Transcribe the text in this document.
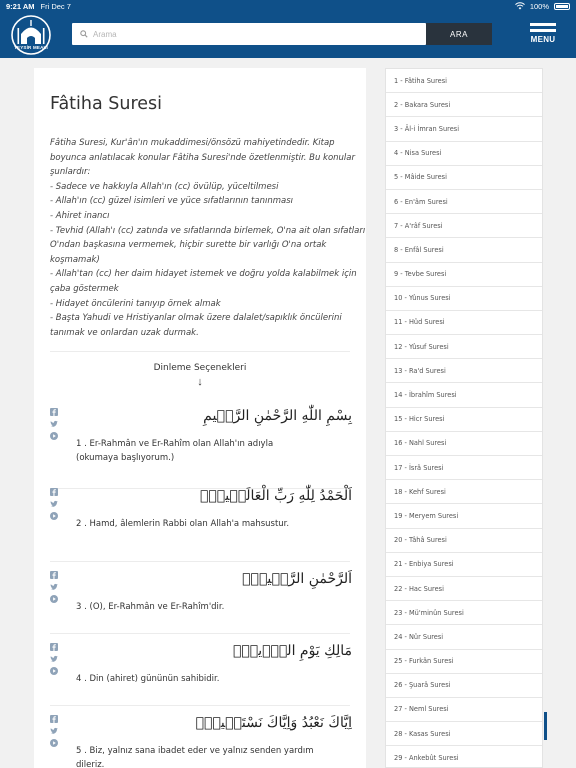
9:21 AM Fri Dec 7	100%
TEYSİR MEALİ
Arama
ARA
MENU
Fâtiha Suresi
Fâtiha Suresi, Kur'ân'ın mukaddimesi/önsözü mahiyetindedir. Kitap
boyunca anlatılacak konular Fâtiha Suresi'nde özetlenmiştir. Bu konular
şunlardır:
- Sadece ve hakkıyla Allah'ın (cc) övülüp, yüceltilmesi
- Allah'ın (cc) güzel isimleri ve yüce sıfatlarının tanınması
- Ahiret inancı
- Tevhid (Allah'ı (cc) zatında ve sıfatlarında birlemek, O'na ait olan sıfatları
O'ndan başkasına vermemek, hiçbir surette bir varlığı O'na ortak
koşmamak)
- Allah'tan (cc) her daim hidayet istemek ve doğru yolda kalabilmek için
çaba göstermek
- Hidayet öncülerini tanıyıp örnek almak
- Başta Yahudi ve Hristiyanlar olmak üzere dalalet/sapıklık öncülerini
tanımak ve onlardan uzak durmak.
Dinleme Seçenekleri
↓
بِسْمِ اللّٰهِ الرَّحْمٰنِ الرَّح۪يمِ
1 . Er-Rahmân ve Er-Rahîm olan Allah'ın adıyla (okumaya başlıyorum.)
اَلْحَمْدُ لِلّٰهِ رَبِّ الْعَالَم۪ينَۙ
2 . Hamd, âlemlerin Rabbi olan Allah'a mahsustur.
اَلرَّحْمٰنِ الرَّح۪يمِۙ
3 . (O), Er-Rahmân ve Er-Rahîm'dir.
مَالِكِ يَوْمِ الدّ۪ينِۜ
4 . Din (ahiret) gününün sahibidir.
اِيَّاكَ نَعْبُدُ وَاِيَّاكَ نَسْتَع۪ينُۜ
5 . Biz, yalnız sana ibadet eder ve yalnız senden yardım dileriz.
1 - Fâtiha Suresi
2 - Bakara Suresi
3 - Âl-i İmran Suresi
4 - Nisa Suresi
5 - Mâide Suresi
6 - En'âm Suresi
7 - A'râf Suresi
8 - Enfâl Suresi
9 - Tevbe Suresi
10 - Yûnus Suresi
11 - Hûd Suresi
12 - Yûsuf Suresi
13 - Ra'd Suresi
14 - İbrahîm Suresi
15 - Hicr Suresi
16 - Nahl Suresi
17 - İsrâ Suresi
18 - Kehf Suresi
19 - Meryem Suresi
20 - Tâhâ Suresi
21 - Enbiya Suresi
22 - Hac Suresi
23 - Mü'minûn Suresi
24 - Nûr Suresi
25 - Furkân Suresi
26 - Şuarâ Suresi
27 - Neml Suresi
28 - Kasas Suresi
29 - Ankebût Suresi
